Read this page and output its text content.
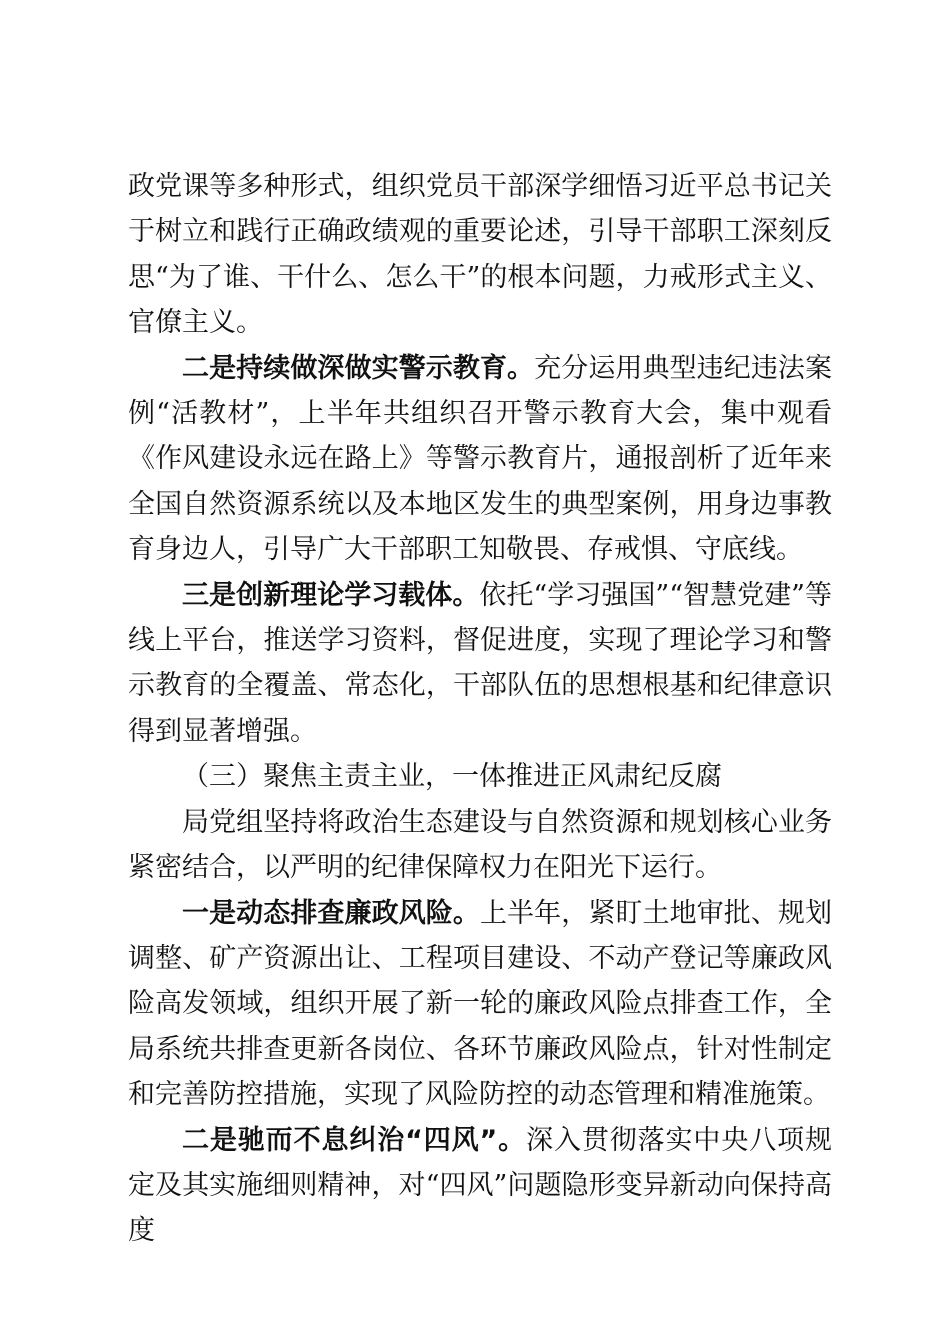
政党课等多种形式，组织党员干部深学细悟习近平总书记关于树立和践行正确政绩观的重要论述，引导干部职工深刻反思“为了谁、干什么、怎么干”的根本问题，力戒形式主义、官僚主义。

二是持续做深做实警示教育。充分运用典型违纪违法案例“活教材”，上半年共组织召开警示教育大会，集中观看《作风建设永远在路上》等警示教育片，通报剖析了近年来全国自然资源系统以及本地区发生的典型案例，用身边事教育身边人，引导广大干部职工知敬畏、存戒惧、守底线。

三是创新理论学习载体。依托“学习强国”“智慧党建”等线上平台，推送学习资料，督促进度，实现了理论学习和警示教育的全覆盖、常态化，干部队伍的思想根基和纪律意识得到显著增强。

（三）聚焦主责主业，一体推进正风肃纪反腐

局党组坚持将政治生态建设与自然资源和规划核心业务紧密结合，以严明的纪律保障权力在阳光下运行。

一是动态排查廉政风险。上半年，紧盯土地审批、规划调整、矿产资源出让、工程项目建设、不动产登记等廉政风险高发领域，组织开展了新一轮的廉政风险点排查工作，全局系统共排查更新各岗位、各环节廉政风险点，针对性制定和完善防控措施，实现了风险防控的动态管理和精准施策。

二是驰而不息纠治“四风”。深入贯彻落实中央八项规定及其实施细则精神，对“四风”问题隐形变异新动向保持高度
